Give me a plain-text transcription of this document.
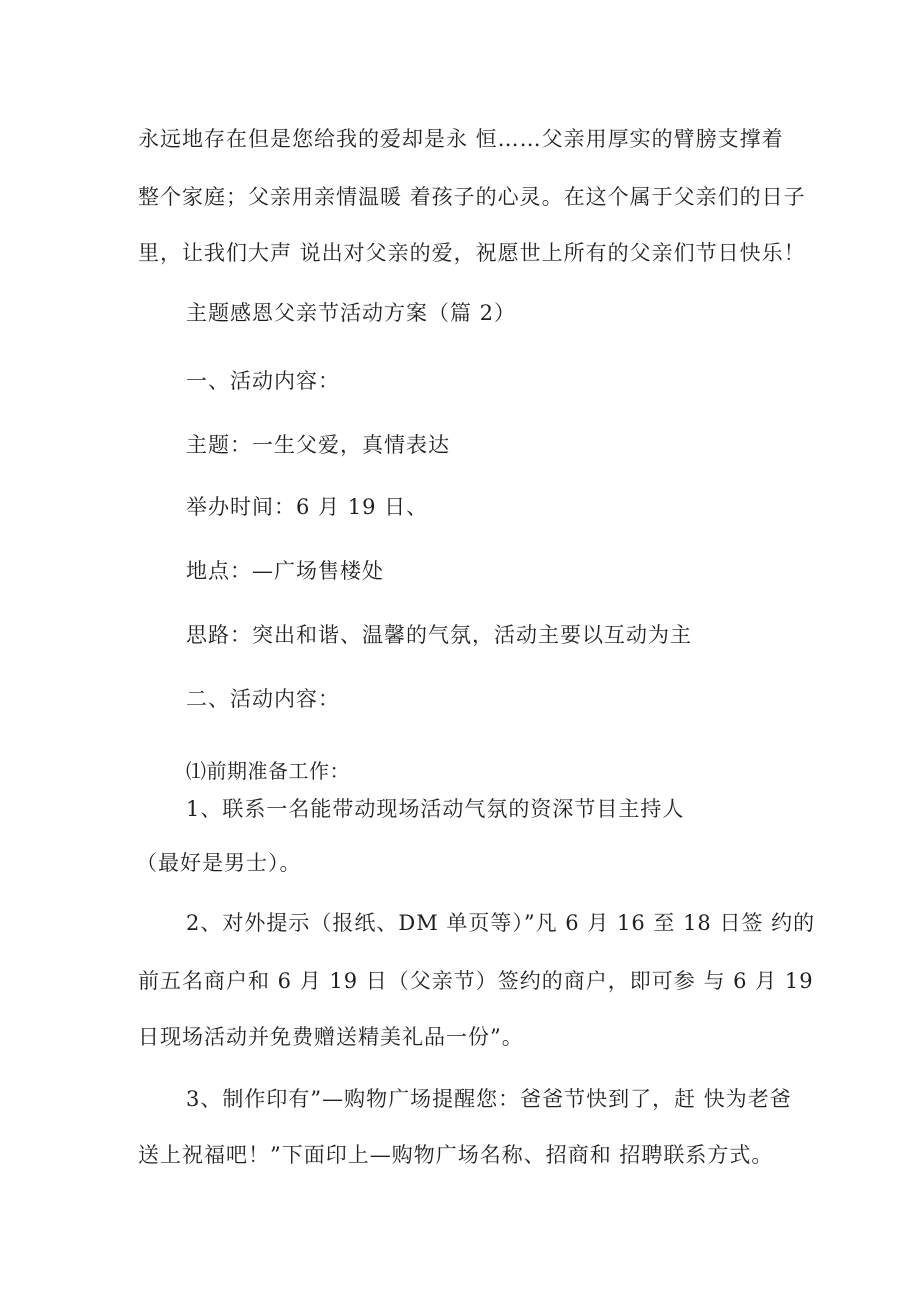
永远地存在但是您给我的爱却是永 恒……父亲用厚实的臂膀支撑着

整个家庭；父亲用亲情温暖 着孩子的心灵。在这个属于父亲们的日子

里，让我们大声 说出对父亲的爱，祝愿世上所有的父亲们节日快乐！

主题感恩父亲节活动方案（篇 2）

一、活动内容：

主题：一生父爱，真情表达

举办时间：6 月 19 日、

地点：—广场售楼处

思路：突出和谐、温馨的气氛，活动主要以互动为主

二、活动内容：

⑴前期准备工作：

1、联系一名能带动现场活动气氛的资深节目主持人

（最好是男士）。

2、对外提示（报纸、DM 单页等）”凡 6 月 16 至 18 日签 约的

前五名商户和 6 月 19 日（父亲节）签约的商户，即可参 与 6 月 19

日现场活动并免费赠送精美礼品一份”。

3、制作印有”—购物广场提醒您：爸爸节快到了，赶 快为老爸

送上祝福吧！”下面印上—购物广场名称、招商和 招聘联系方式。
